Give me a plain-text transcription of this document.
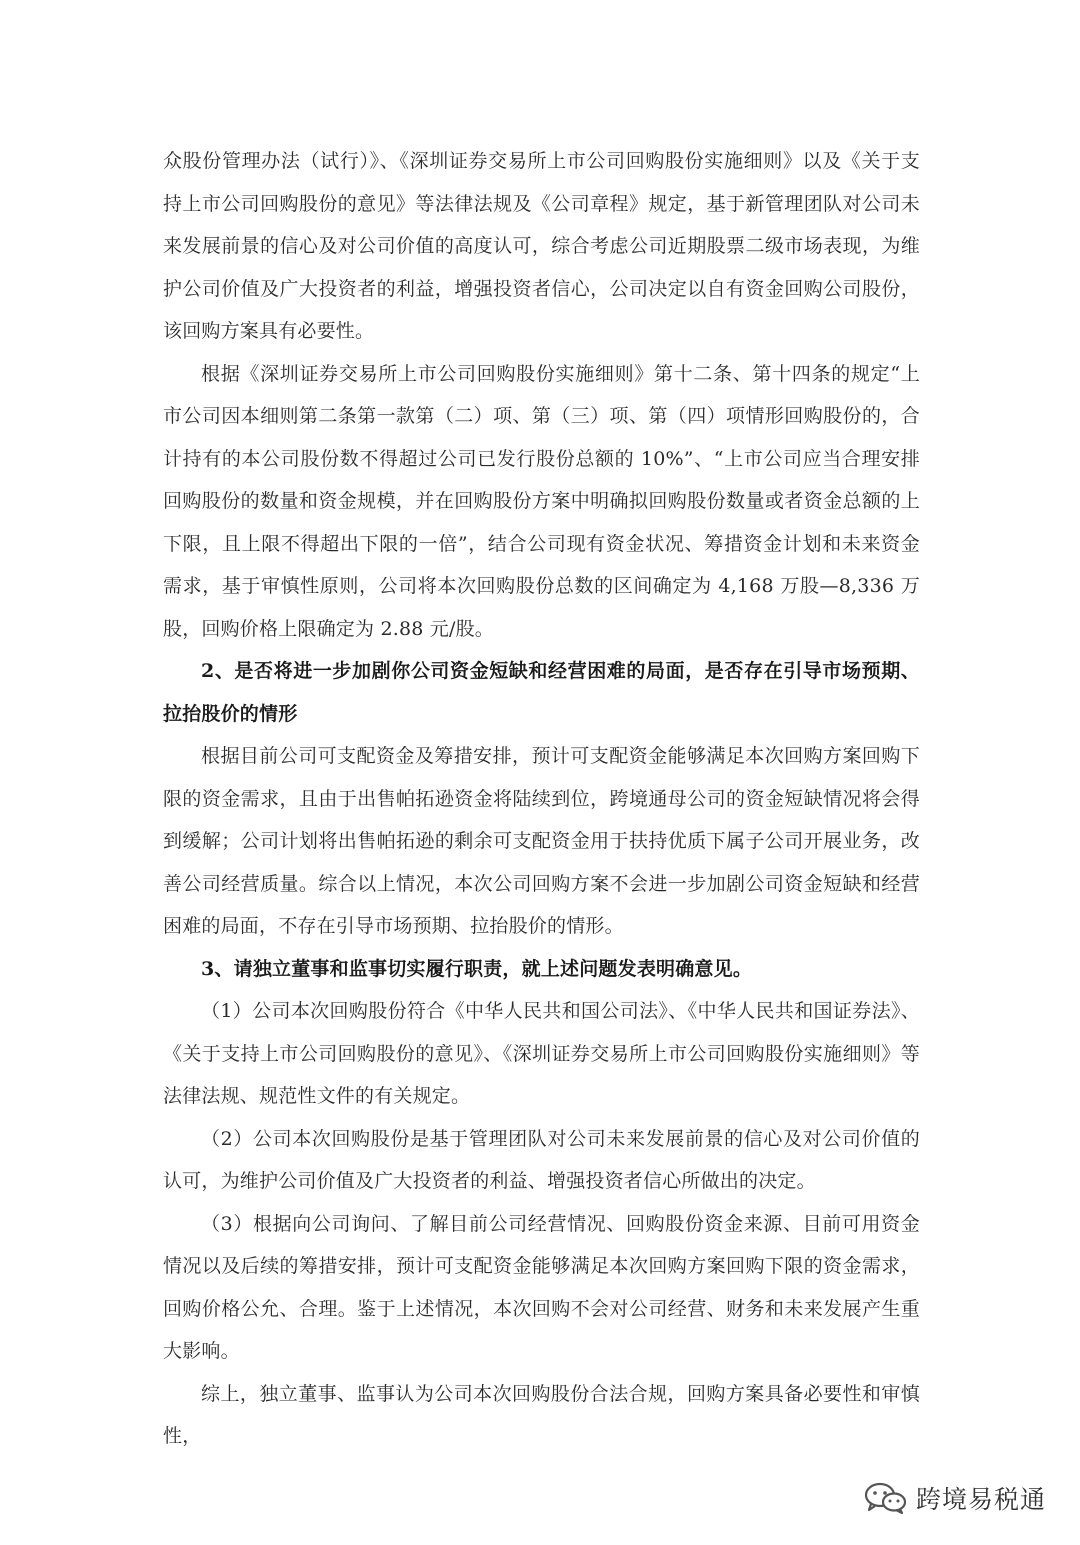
众股份管理办法（试行）》、《深圳证券交易所上市公司回购股份实施细则》以及《关于支持上市公司回购股份的意见》等法律法规及《公司章程》规定，基于新管理团队对公司未来发展前景的信心及对公司价值的高度认可，综合考虑公司近期股票二级市场表现，为维护公司价值及广大投资者的利益，增强投资者信心，公司决定以自有资金回购公司股份，该回购方案具有必要性。

根据《深圳证券交易所上市公司回购股份实施细则》第十二条、第十四条的规定“上市公司因本细则第二条第一款第（二）项、第（三）项、第（四）项情形回购股份的，合计持有的本公司股份数不得超过公司已发行股份总额的 10%”、“上市公司应当合理安排回购股份的数量和资金规模，并在回购股份方案中明确拟回购股份数量或者资金总额的上下限，且上限不得超出下限的一倍”，结合公司现有资金状况、筹措资金计划和未来资金需求，基于审慎性原则，公司将本次回购股份总数的区间确定为 4,168 万股—8,336 万股，回购价格上限确定为 2.88 元/股。

2、是否将进一步加剧你公司资金短缺和经营困难的局面，是否存在引导市场预期、拉抬股价的情形

根据目前公司可支配资金及筹措安排，预计可支配资金能够满足本次回购方案回购下限的资金需求，且由于出售帕拓逊资金将陆续到位，跨境通母公司的资金短缺情况将会得到缓解；公司计划将出售帕拓逊的剩余可支配资金用于扶持优质下属子公司开展业务，改善公司经营质量。综合以上情况，本次公司回购方案不会进一步加剧公司资金短缺和经营困难的局面，不存在引导市场预期、拉抬股价的情形。

3、请独立董事和监事切实履行职责，就上述问题发表明确意见。

（1）公司本次回购股份符合《中华人民共和国公司法》、《中华人民共和国证券法》、《关于支持上市公司回购股份的意见》、《深圳证券交易所上市公司回购股份实施细则》等法律法规、规范性文件的有关规定。

（2）公司本次回购股份是基于管理团队对公司未来发展前景的信心及对公司价值的认可，为维护公司价值及广大投资者的利益、增强投资者信心所做出的决定。

（3）根据向公司询问、了解目前公司经营情况、回购股份资金来源、目前可用资金情况以及后续的筹措安排，预计可支配资金能够满足本次回购方案回购下限的资金需求，回购价格公允、合理。鉴于上述情况，本次回购不会对公司经营、财务和未来发展产生重大影响。

综上，独立董事、监事认为公司本次回购股份合法合规，回购方案具备必要性和审慎性，

跨境易税通
